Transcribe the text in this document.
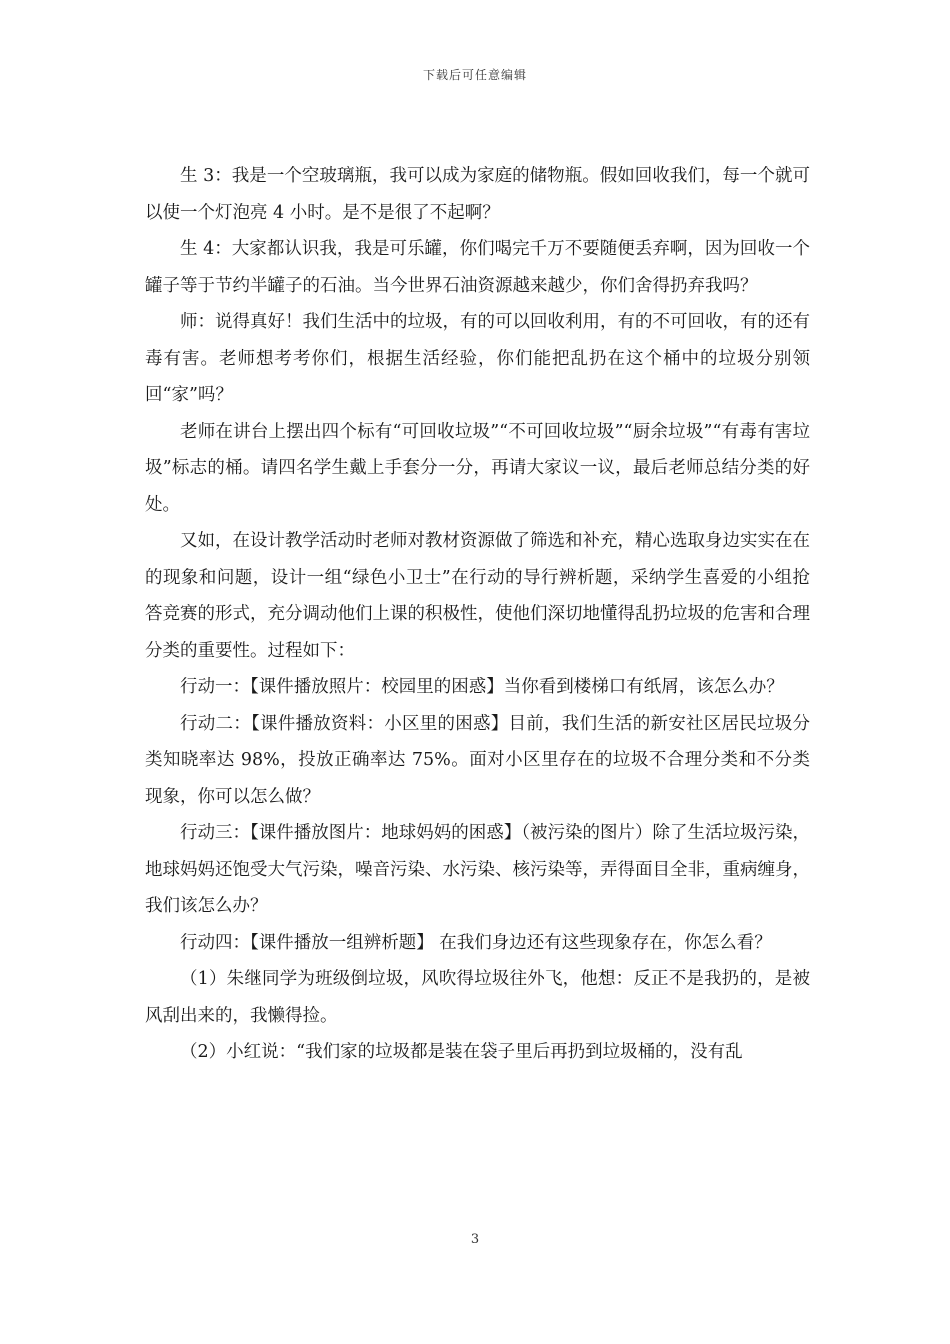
下载后可任意编辑

生 3：我是一个空玻璃瓶，我可以成为家庭的储物瓶。假如回收我们，每一个就可以使一个灯泡亮 4 小时。是不是很了不起啊？

生 4：大家都认识我，我是可乐罐，你们喝完千万不要随便丢弃啊，因为回收一个罐子等于节约半罐子的石油。当今世界石油资源越来越少，你们舍得扔弃我吗？

师：说得真好！我们生活中的垃圾，有的可以回收利用，有的不可回收，有的还有毒有害。老师想考考你们，根据生活经验，你们能把乱扔在这个桶中的垃圾分别领回“家”吗？

老师在讲台上摆出四个标有“可回收垃圾”“不可回收垃圾”“厨余垃圾”“有毒有害垃圾”标志的桶。请四名学生戴上手套分一分，再请大家议一议，最后老师总结分类的好处。

又如，在设计教学活动时老师对教材资源做了筛选和补充，精心选取身边实实在在的现象和问题，设计一组“绿色小卫士”在行动的导行辨析题，采纳学生喜爱的小组抢答竞赛的形式，充分调动他们上课的积极性，使他们深切地懂得乱扔垃圾的危害和合理分类的重要性。过程如下：

行动一：【课件播放照片：校园里的困惑】当你看到楼梯口有纸屑，该怎么办？

行动二：【课件播放资料：小区里的困惑】目前，我们生活的新安社区居民垃圾分类知晓率达 98%，投放正确率达 75%。面对小区里存在的垃圾不合理分类和不分类现象，你可以怎么做？

行动三：【课件播放图片：地球妈妈的困惑】（被污染的图片）除了生活垃圾污染，地球妈妈还饱受大气污染，噪音污染、水污染、核污染等，弄得面目全非，重病缠身，我们该怎么办？

行动四：【课件播放一组辨析题】 在我们身边还有这些现象存在，你怎么看？

（1）朱继同学为班级倒垃圾，风吹得垃圾往外飞，他想：反正不是我扔的，是被风刮出来的，我懒得捡。

（2）小红说：“我们家的垃圾都是装在袋子里后再扔到垃圾桶的，没有乱

3
